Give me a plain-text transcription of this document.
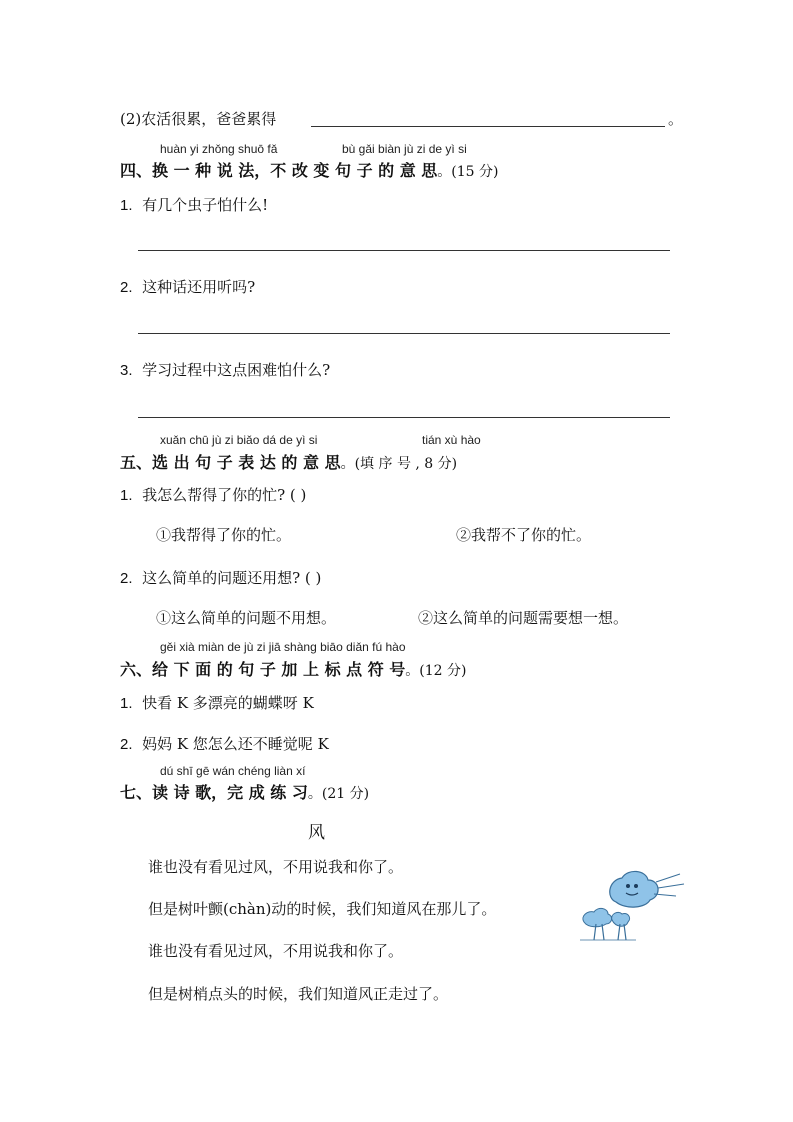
(2)农活很累，爸爸累得	。
huàn yi zhǒng shuō fǎ	bù gǎi biàn jù zi de yì si
四、换 一 种 说 法，不 改 变 句 子 的 意 思。(15 分)
1. 有几个虫子怕什么!
2. 这种话还用听吗?
3. 学习过程中这点困难怕什么?
xuǎn chū jù zi biǎo dá de yì si	tián xù hào
五、选 出 句 子 表 达 的 意 思。(填 序 号 , 8 分)
1. 我怎么帮得了你的忙? ( )
①我帮得了你的忙。	②我帮不了你的忙。
2. 这么简单的问题还用想? ( )
①这么简单的问题不用想。	②这么简单的问题需要想一想。
gěi xià miàn de jù zi jiā shàng biāo diǎn fú hào
六、给 下 面 的 句 子 加 上 标 点 符 号。(12 分)
1. 快看 K 多漂亮的蝴蝶呀 K
2. 妈妈 K 您怎么还不睡觉呢 K
dú shī gē wán chéng liàn xí
七、读 诗 歌，完 成 练 习。(21 分)
风
谁也没有看见过风，不用说我和你了。
但是树叶颤(chàn)动的时候，我们知道风在那儿了。
谁也没有看见过风，不用说我和你了。
但是树梢点头的时候，我们知道风正走过了。
